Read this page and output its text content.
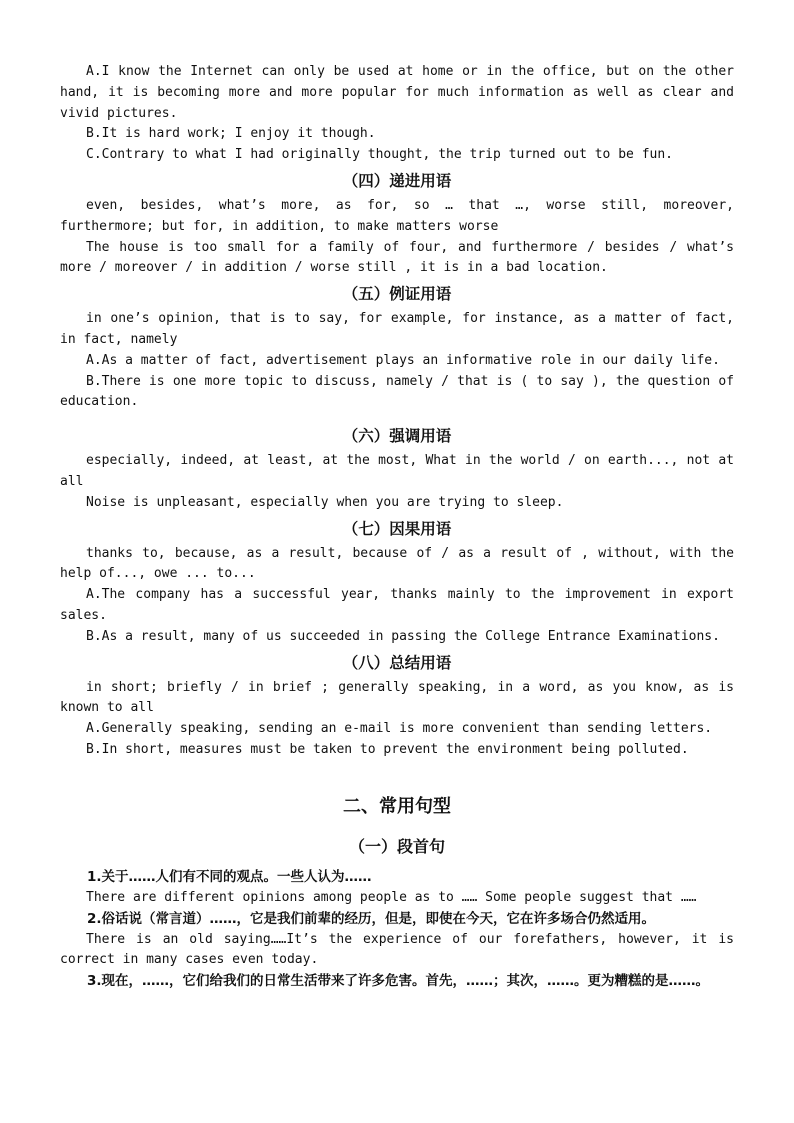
A.I know the Internet can only be used at home or in the office, but on the other hand, it is becoming more and more popular for much information as well as clear and vivid pictures.

B.It is hard work; I enjoy it though.

C.Contrary to what I had originally thought, the trip turned out to be fun.

（四）递进用语

even, besides, what’s more, as for, so … that …, worse still, moreover, furthermore; but for, in addition, to make matters worse

The house is too small for a family of four, and furthermore / besides / what’s more / moreover / in addition / worse still , it is in a bad location.

（五）例证用语

in one’s opinion, that is to say, for example, for instance, as a matter of fact, in fact, namely

A.As a matter of fact, advertisement plays an informative role in our daily life.

B.There is one more topic to discuss, namely / that is ( to say ), the question of education.

（六）强调用语

especially, indeed, at least, at the most, What in the world / on earth..., not at all

Noise is unpleasant, especially when you are trying to sleep.

（七）因果用语

thanks to, because, as a result, because of / as a result of , without, with the help of..., owe ... to...

A.The company has a successful year, thanks mainly to the improvement in export sales.

B.As a result, many of us succeeded in passing the College Entrance Examinations.

（八）总结用语

in short; briefly / in brief ; generally speaking, in a word, as you know, as is known to all

A.Generally speaking, sending an e-mail is more convenient than sending letters.

B.In short, measures must be taken to prevent the environment being polluted.

二、常用句型
（一）段首句

1.关于……人们有不同的观点。一些人认为……

There are different opinions among people as to …… Some people suggest that ……

2.俗话说（常言道）……，它是我们前辈的经历，但是，即使在今天，它在许多场合仍然适用。

There is an old saying……It’s the experience of our forefathers, however, it is correct in many cases even today.

3.现在，……，它们给我们的日常生活带来了许多危害。首先，……；其次，……。更为糟糕的是……。
